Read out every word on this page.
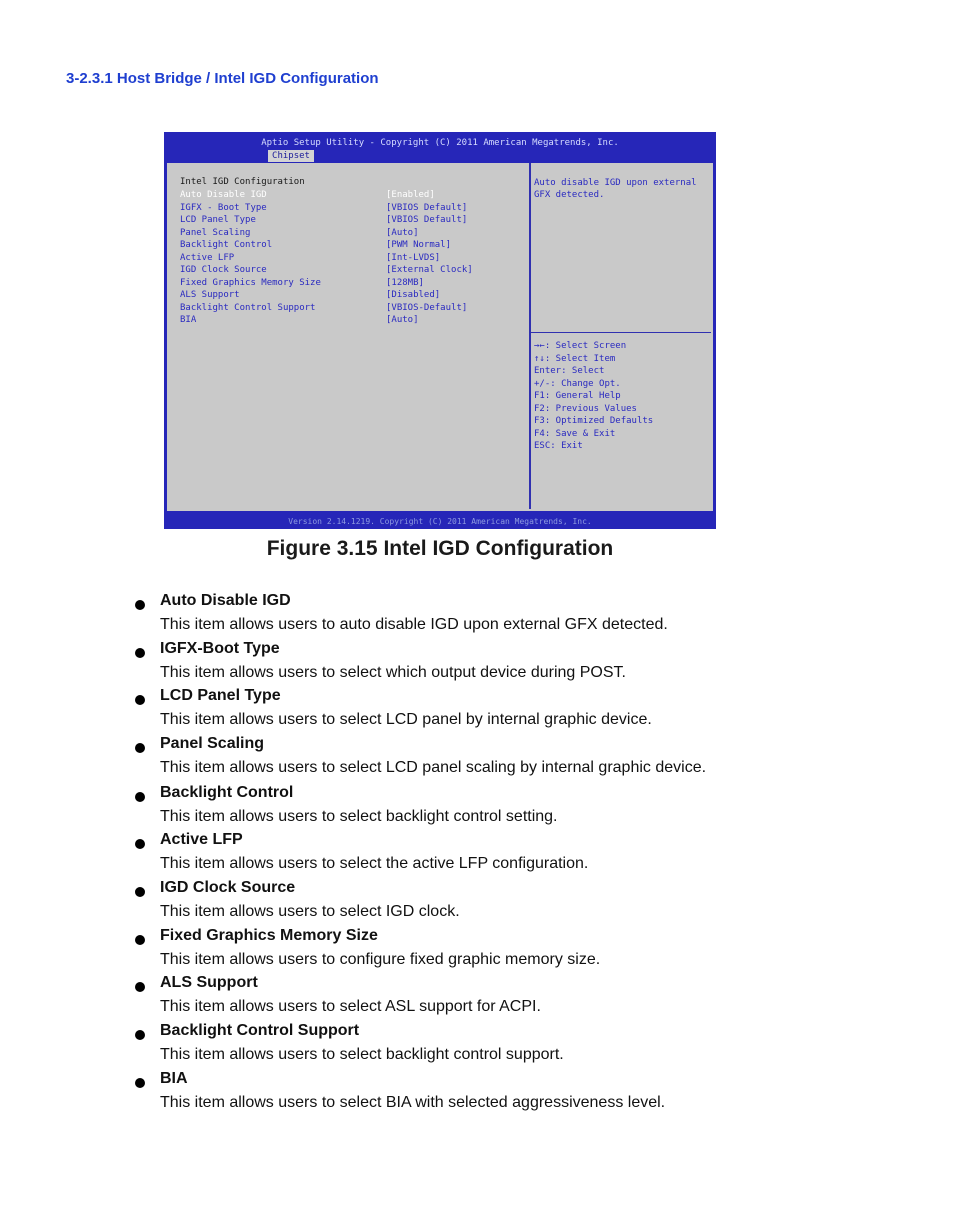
3-2.3.1 Host Bridge / Intel IGD Configuration
Aptio Setup Utility - Copyright (C) 2011 American Megatrends, Inc.
Chipset
Intel IGD Configuration
Auto Disable IGD	[Enabled]
IGFX - Boot Type	[VBIOS Default]
LCD Panel Type	[VBIOS Default]
Panel Scaling	[Auto]
Backlight Control	[PWM Normal]
Active LFP	[Int-LVDS]
IGD Clock Source	[External Clock]
Fixed Graphics Memory Size	[128MB]
ALS Support	[Disabled]
Backlight Control Support	[VBIOS-Default]
BIA	[Auto]
Auto disable IGD upon external GFX detected.
→←: Select Screen
↑↓: Select Item
Enter: Select
+/-: Change Opt.
F1: General Help
F2: Previous Values
F3: Optimized Defaults
F4: Save & Exit
ESC: Exit
Version 2.14.1219. Copyright (C) 2011 American Megatrends, Inc.
Figure 3.15 Intel IGD Configuration
Auto Disable IGD
This item allows users to auto disable IGD upon external GFX detected.
IGFX-Boot Type
This item allows users to select which output device during POST.
LCD Panel Type
This item allows users to select LCD panel by internal graphic device.
Panel Scaling
This item allows users to select LCD panel scaling by internal graphic device.
Backlight Control
This item allows users to select backlight control setting.
Active LFP
This item allows users to select the active LFP configuration.
IGD Clock Source
This item allows users to select IGD clock.
Fixed Graphics Memory Size
This item allows users to configure fixed graphic memory size.
ALS Support
This item allows users to select ASL support for ACPI.
Backlight Control Support
This item allows users to select backlight control support.
BIA
This item allows users to select BIA with selected aggressiveness level.
